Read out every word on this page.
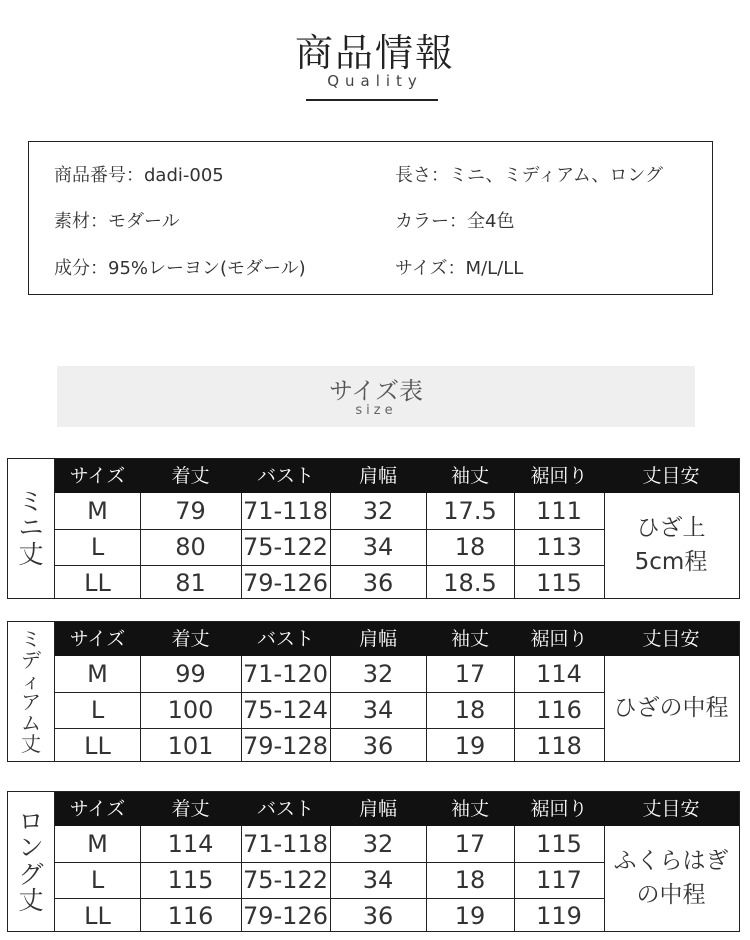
商品情報
Quality
商品番号：dadi-005	長さ：ミニ、ミディアム、ロング
素材：モダール	カラー：全4色
成分：95%レーヨン(モダール)	サイズ：M/L/LL
サイズ表
size
ミ
ニ
丈
サイズ	着丈	バスト	肩幅	袖丈	裾回り	丈目安
M	79	71-118	32	17.5	111
L	80	75-122	34	18	113
LL	81	79-126	36	18.5	115
ひざ上
5cm程
ミ
デ
ィ
ア
ム
丈
サイズ	着丈	バスト	肩幅	袖丈	裾回り	丈目安
M	99	71-120	32	17	114
L	100	75-124	34	18	116
LL	101	79-128	36	19	118
ひざの中程
ロ
ン
グ
丈
サイズ	着丈	バスト	肩幅	袖丈	裾回り	丈目安
M	114	71-118	32	17	115
L	115	75-122	34	18	117
LL	116	79-126	36	19	119
ふくらはぎ
の中程
